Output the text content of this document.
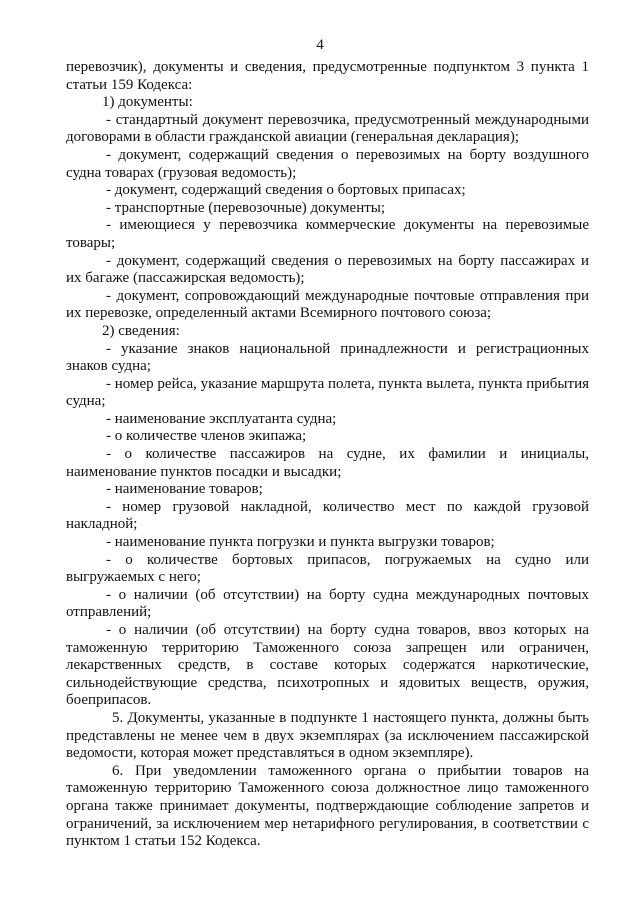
4

перевозчик), документы и сведения, предусмотренные подпунктом 3 пункта 1 статьи 159 Кодекса:

1) документы:

- стандартный документ перевозчика, предусмотренный международными договорами в области гражданской авиации (генеральная декларация);

- документ, содержащий сведения о перевозимых на борту воздушного судна товарах (грузовая ведомость);

- документ, содержащий сведения о бортовых припасах;

- транспортные (перевозочные) документы;

- имеющиеся у перевозчика коммерческие документы на перевозимые товары;

- документ, содержащий сведения о перевозимых на борту пассажирах и их багаже (пассажирская ведомость);

- документ, сопровождающий международные почтовые отправления при их перевозке, определенный актами Всемирного почтового союза;

2) сведения:

- указание знаков национальной принадлежности и регистрационных знаков судна;

- номер рейса, указание маршрута полета, пункта вылета, пункта прибытия судна;

- наименование эксплуатанта судна;

- о количестве членов экипажа;

- о количестве пассажиров на судне, их фамилии и инициалы, наименование пунктов посадки и высадки;

- наименование товаров;

- номер грузовой накладной, количество мест по каждой грузовой накладной;

- наименование пункта погрузки и пункта выгрузки товаров;

- о количестве бортовых припасов, погружаемых на судно или выгружаемых с него;

- о наличии (об отсутствии) на борту судна международных почтовых отправлений;

- о наличии (об отсутствии) на борту судна товаров, ввоз которых на таможенную территорию Таможенного союза запрещен или ограничен, лекарственных средств, в составе которых содержатся наркотические, сильнодействующие средства, психотропных и ядовитых веществ, оружия, боеприпасов.

5. Документы, указанные в подпункте 1 настоящего пункта, должны быть представлены не менее чем в двух экземплярах (за исключением пассажирской ведомости, которая может представляться в одном экземпляре).

6. При уведомлении таможенного органа о прибытии товаров на таможенную территорию Таможенного союза должностное лицо таможенного органа также принимает документы, подтверждающие соблюдение запретов и ограничений, за исключением мер нетарифного регулирования, в соответствии с пунктом 1 статьи 152 Кодекса.
